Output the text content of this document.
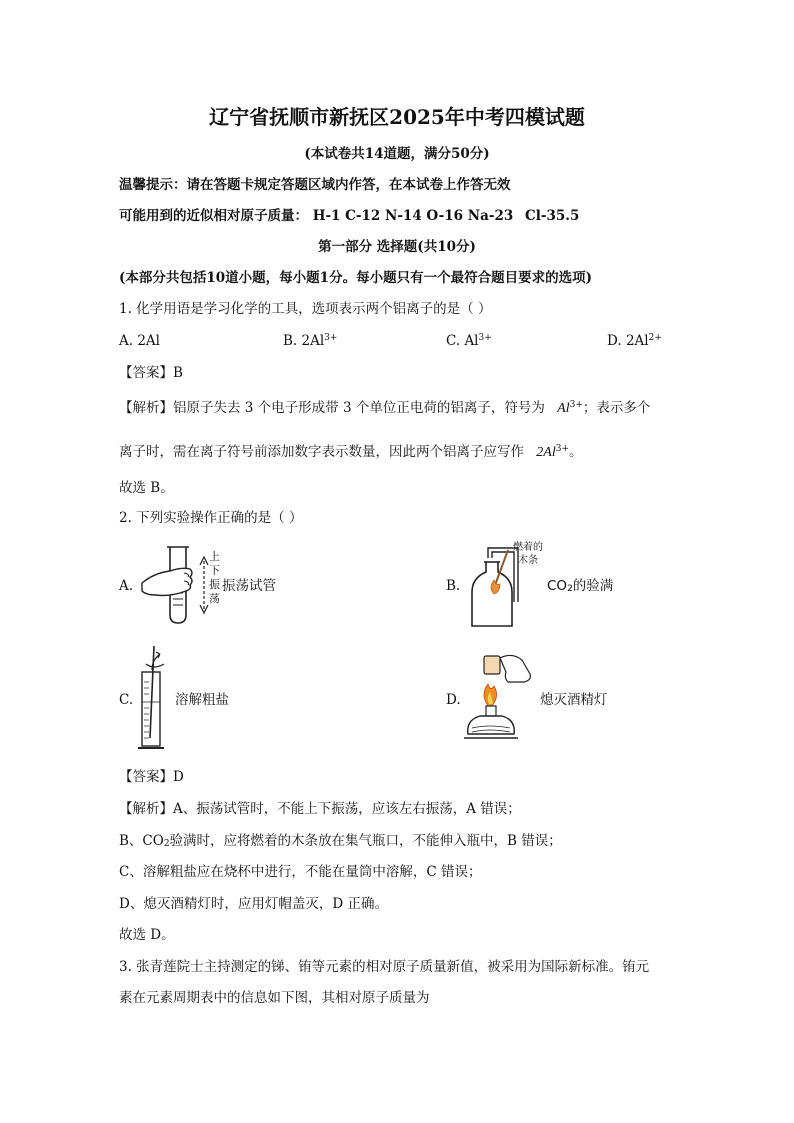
辽宁省抚顺市新抚区2025年中考四模试题
(本试卷共14道题，满分50分)
温馨提示：请在答题卡规定答题区域内作答，在本试卷上作答无效
可能用到的近似相对原子质量： H-1 C-12 N-14 O-16 Na-23 Cl-35.5
第一部分 选择题(共10分)
(本部分共包括10道小题，每小题1分。每小题只有一个最符合题目要求的选项)
1. 化学用语是学习化学的工具，选项表示两个铝离子的是（ ）
A. 2Al	B. $2Al^{3+}$	C. $Al^{3+}$	D. $2Al^{2+}$
【答案】B
【解析】铝原子失去 3 个电子形成带 3 个单位正电荷的铝离子，符号为 $Al^{3+}$；表示多个
离子时，需在离子符号前添加数字表示数量，因此两个铝离子应写作 $2Al^{3+}$。
故选 B。
2. 下列实验操作正确的是（ ）
A.
上
下
振
荡
振荡试管	B.
燃着的
木条
$CO_2$的验满
C.	溶解粗盐	D.	熄灭酒精灯
【答案】D
【解析】A、振荡试管时，不能上下振荡，应该左右振荡，A 错误；
B、$CO_2$验满时，应将燃着的木条放在集气瓶口，不能伸入瓶中，B 错误；
C、溶解粗盐应在烧杯中进行，不能在量筒中溶解，C 错误；
D、熄灭酒精灯时，应用灯帽盖灭，D 正确。
故选 D。
3. 张青莲院士主持测定的锑、铕等元素的相对原子质量新值，被采用为国际新标准。铕元
素在元素周期表中的信息如下图，其相对原子质量为
